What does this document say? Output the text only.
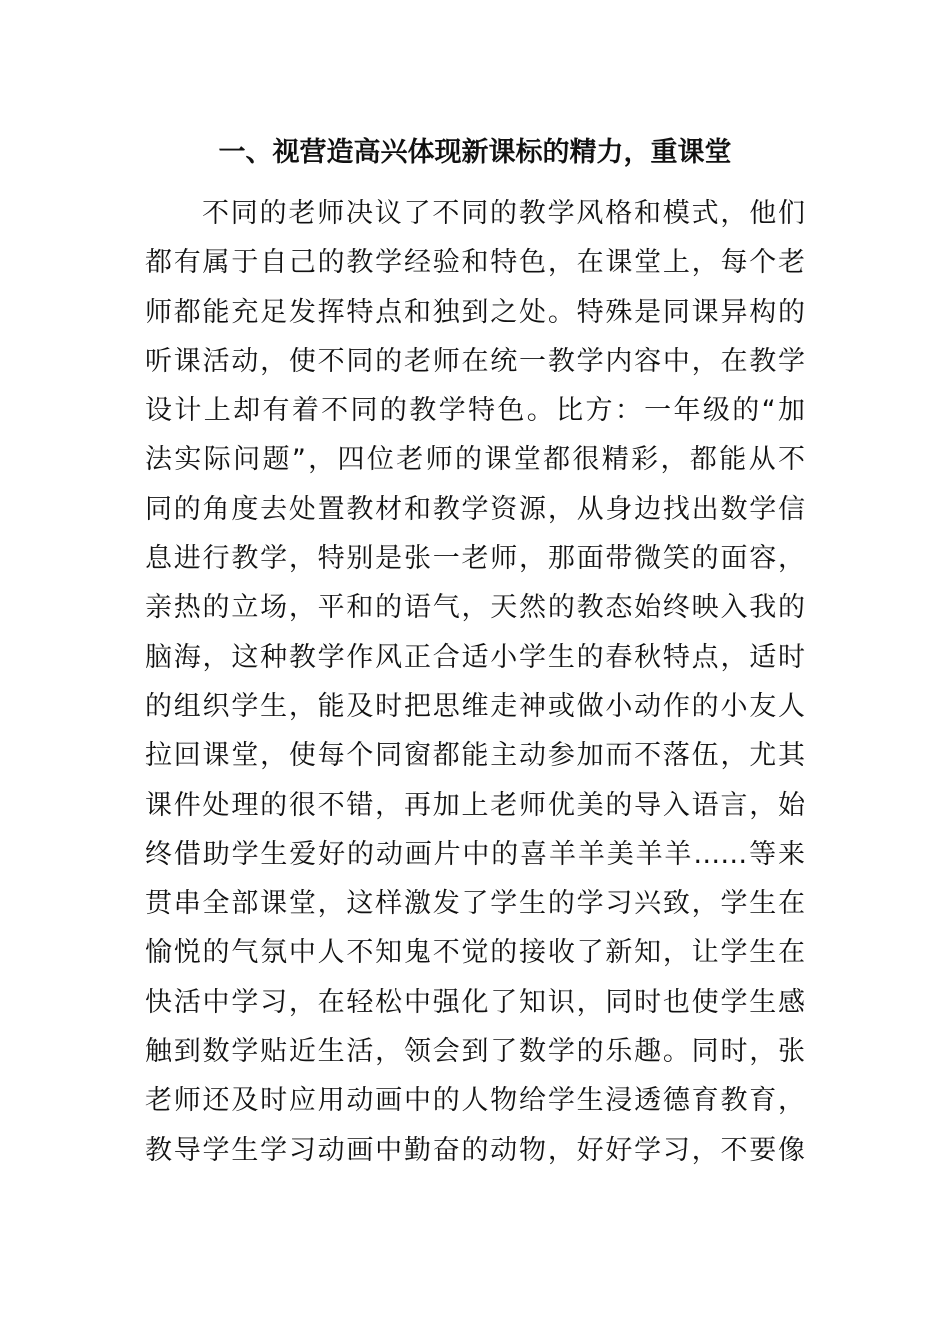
一、视营造高兴体现新课标的精力，重课堂
不同的老师决议了不同的教学风格和模式，他们
都有属于自己的教学经验和特色，在课堂上，每个老
师都能充足发挥特点和独到之处。特殊是同课异构的
听课活动，使不同的老师在统一教学内容中，在教学
设计上却有着不同的教学特色。比方：一年级的“加
法实际问题”，四位老师的课堂都很精彩，都能从不
同的角度去处置教材和教学资源，从身边找出数学信
息进行教学，特别是张一老师，那面带微笑的面容，
亲热的立场，平和的语气，天然的教态始终映入我的
脑海，这种教学作风正合适小学生的春秋特点，适时
的组织学生，能及时把思维走神或做小动作的小友人
拉回课堂，使每个同窗都能主动参加而不落伍，尤其
课件处理的很不错，再加上老师优美的导入语言，始
终借助学生爱好的动画片中的喜羊羊美羊羊……等来
贯串全部课堂，这样激发了学生的学习兴致，学生在
愉悦的气氛中人不知鬼不觉的接收了新知，让学生在
快活中学习，在轻松中强化了知识，同时也使学生感
触到数学贴近生活，领会到了数学的乐趣。同时，张
老师还及时应用动画中的人物给学生浸透德育教育，
教导学生学习动画中勤奋的动物，好好学习，不要像
